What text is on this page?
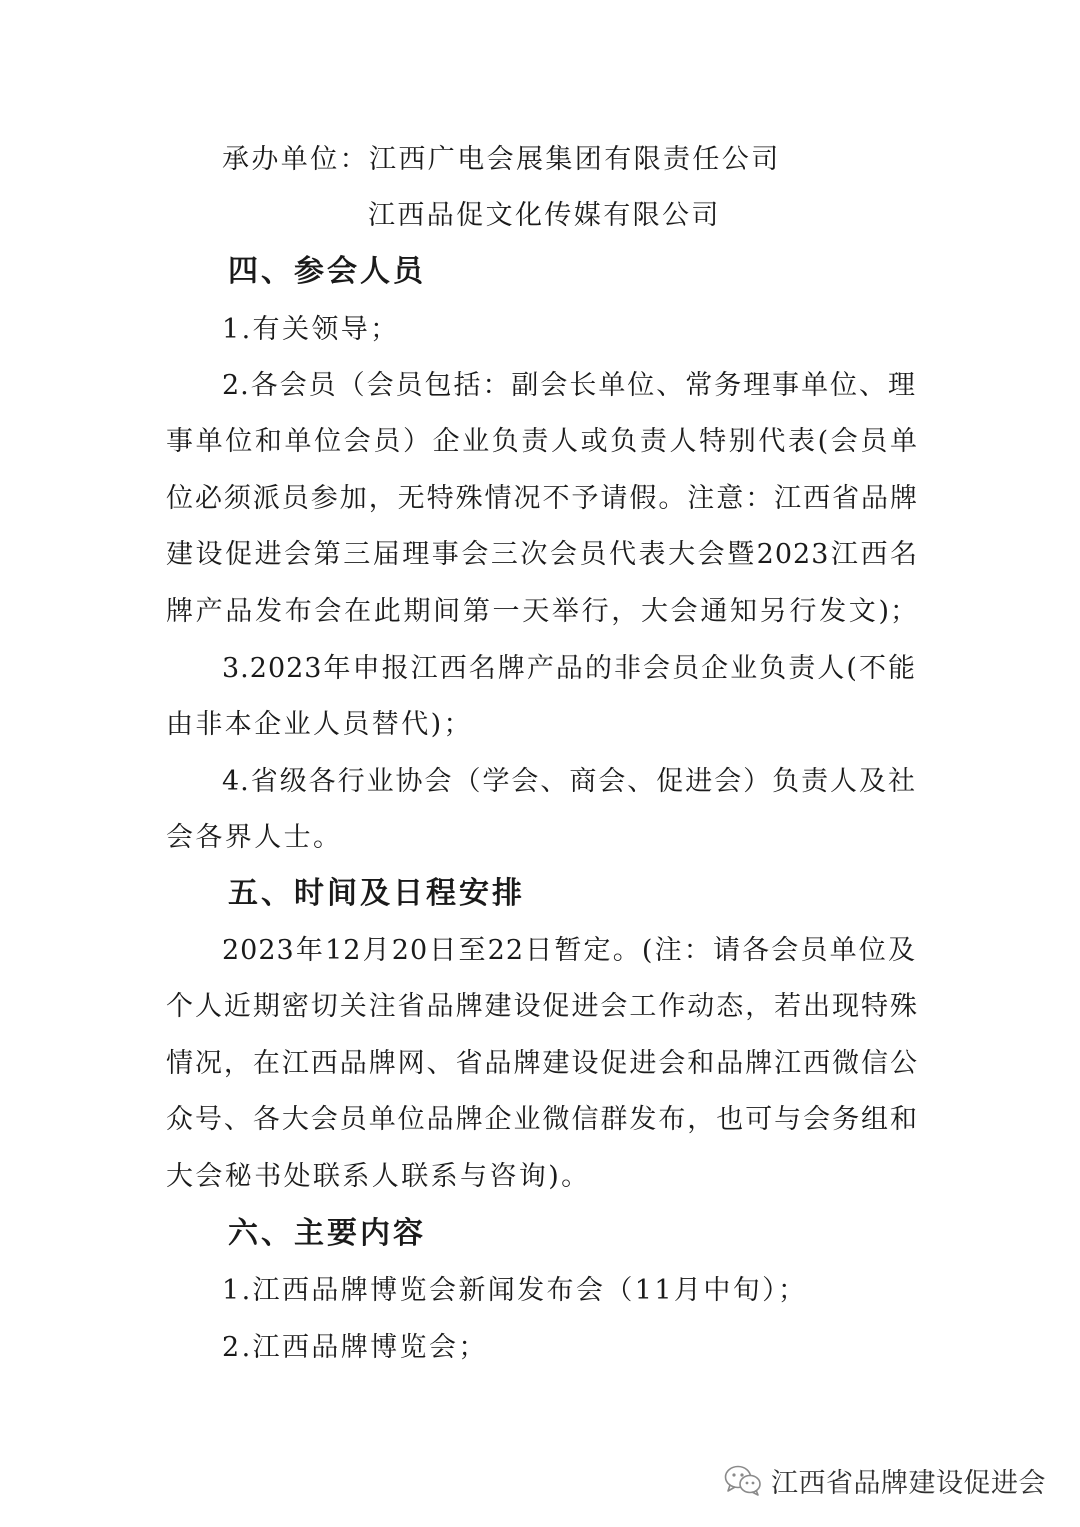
承办单位：江西广电会展集团有限责任公司
江西品促文化传媒有限公司
四、参会人员
1.有关领导；
2.各会员（会员包括：副会长单位、常务理事单位、理
事单位和单位会员）企业负责人或负责人特别代表(会员单
位必须派员参加，无特殊情况不予请假。注意：江西省品牌
建设促进会第三届理事会三次会员代表大会暨2023江西名
牌产品发布会在此期间第一天举行，大会通知另行发文)；
3.2023年申报江西名牌产品的非会员企业负责人(不能
由非本企业人员替代)；
4.省级各行业协会（学会、商会、促进会）负责人及社
会各界人士。
五、时间及日程安排
2023年12月20日至22日暂定。(注：请各会员单位及
个人近期密切关注省品牌建设促进会工作动态，若出现特殊
情况，在江西品牌网、省品牌建设促进会和品牌江西微信公
众号、各大会员单位品牌企业微信群发布，也可与会务组和
大会秘书处联系人联系与咨询)。
六、主要内容
1.江西品牌博览会新闻发布会（11月中旬）；
2.江西品牌博览会；
江西省品牌建设促进会
